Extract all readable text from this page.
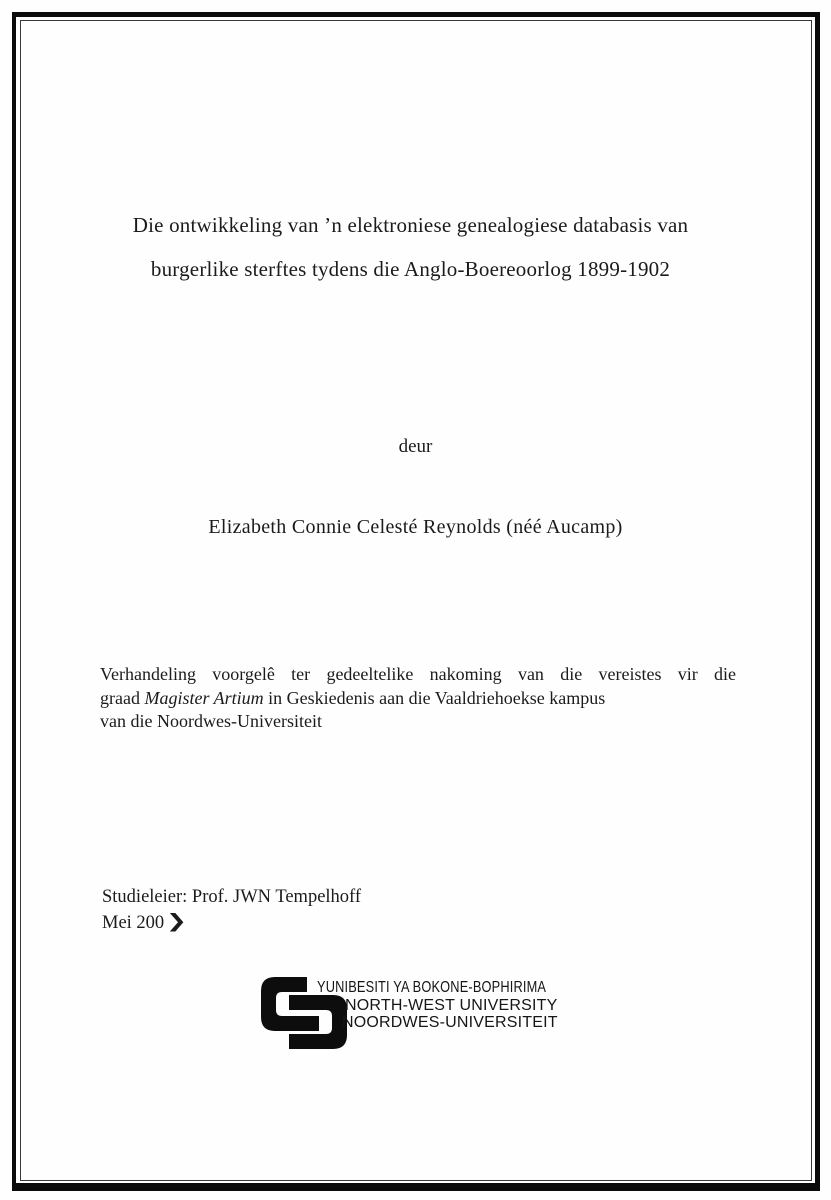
Die ontwikkeling van ’n elektroniese genealogiese databasis van
burgerlike sterftes tydens die Anglo-Boereoorlog 1899-1902
deur
Elizabeth Connie Celesté Reynolds (néé Aucamp)
Verhandeling voorgelê ter gedeeltelike nakoming van die vereistes vir die
graad Magister Artium in Geskiedenis aan die Vaaldriehoekse kampus
van die Noordwes-Universiteit
Studieleier: Prof. JWN Tempelhoff
Mei 200 ❯
YUNIBESITI YA BOKONE-BOPHIRIMA
NORTH-WEST UNIVERSITY
NOORDWES-UNIVERSITEIT
